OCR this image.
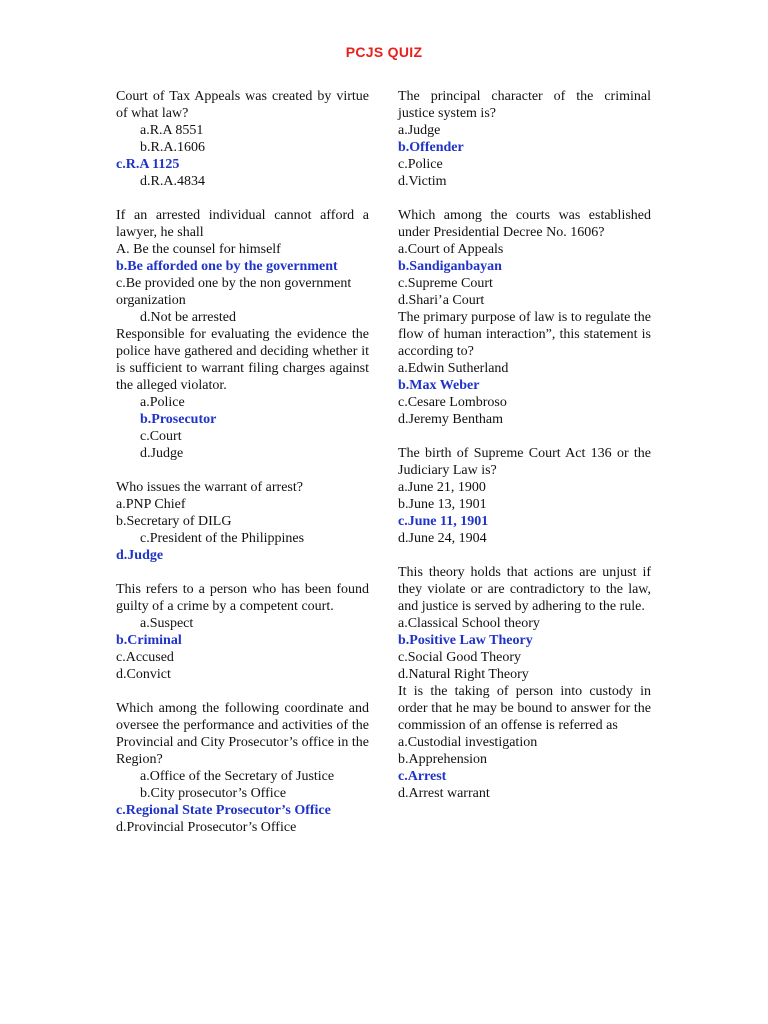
PCJS QUIZ

Court of Tax Appeals was created by virtue of what law?

a.R.A 8551

b.R.A.1606

c.R.A 1125

d.R.A.4834

If an arrested individual cannot afford a lawyer, he shall

A. Be the counsel for himself

b.Be afforded one by the government

c.Be provided one by the non government organization

d.Not be arrested

Responsible for evaluating the evidence the police have gathered and deciding whether it is sufficient to warrant filing charges against the alleged violator.

a.Police

b.Prosecutor

c.Court

d.Judge

Who issues the warrant of arrest?

a.PNP Chief

b.Secretary of DILG

c.President of the Philippines

d.Judge

This refers to a person who has been found guilty of a crime by a competent court.

a.Suspect

b.Criminal

c.Accused

d.Convict

Which among the following coordinate and oversee the performance and activities of the Provincial and City Prosecutor’s office in the Region?

a.Office of the Secretary of Justice

b.City prosecutor’s Office

c.Regional State Prosecutor’s Office

d.Provincial Prosecutor’s Office

The principal character of the criminal justice system is?

a.Judge

b.Offender

c.Police

d.Victim

Which among the courts was established under Presidential Decree No. 1606?

a.Court of Appeals

b.Sandiganbayan

c.Supreme Court

d.Shari’a Court

The primary purpose of law is to regulate the flow of human interaction”, this statement is according to?

a.Edwin Sutherland

b.Max Weber

c.Cesare Lombroso

d.Jeremy Bentham

The birth of Supreme Court Act 136 or the Judiciary Law is?

a.June 21, 1900

b.June 13, 1901

c.June 11, 1901

d.June 24, 1904

This theory holds that actions are unjust if they violate or are contradictory to the law, and justice is served by adhering to the rule.

a.Classical School theory

b.Positive Law Theory

c.Social Good Theory

d.Natural Right Theory

It is the taking of person into custody in order that he may be bound to answer for the commission of an offense is referred as

a.Custodial investigation

b.Apprehension

c.Arrest

d.Arrest warrant
